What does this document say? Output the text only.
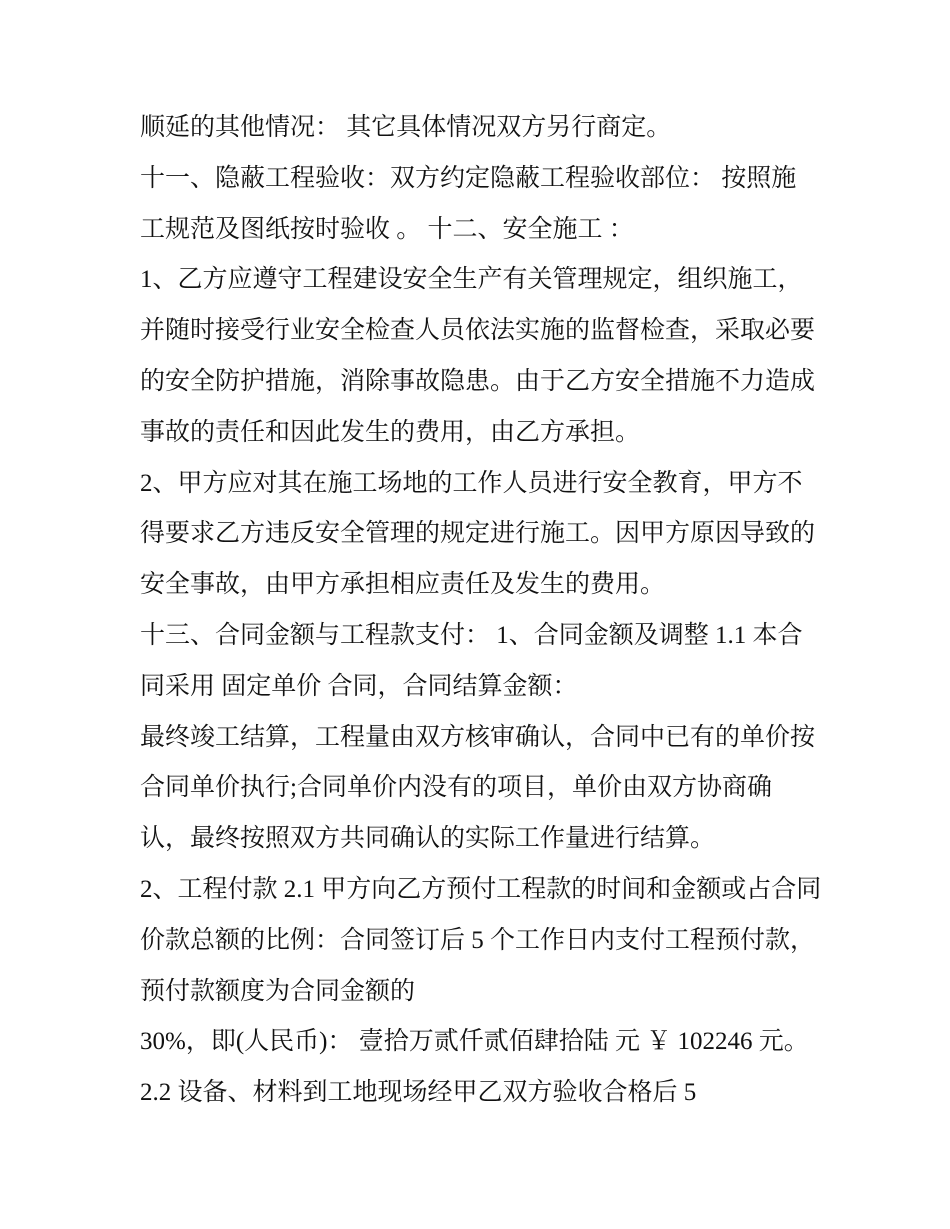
顺延的其他情况： 其它具体情况双方另行商定。
十一、隐蔽工程验收：双方约定隐蔽工程验收部位： 按照施
工规范及图纸按时验收 。 十二、安全施工 ：
1、乙方应遵守工程建设安全生产有关管理规定，组织施工，
并随时接受行业安全检查人员依法实施的监督检查，采取必要
的安全防护措施，消除事故隐患。由于乙方安全措施不力造成
事故的责任和因此发生的费用，由乙方承担。
2、甲方应对其在施工场地的工作人员进行安全教育，甲方不
得要求乙方违反安全管理的规定进行施工。因甲方原因导致的
安全事故，由甲方承担相应责任及发生的费用。
十三、合同金额与工程款支付： 1、合同金额及调整 1.1 本合
同采用 固定单价 合同，合同结算金额：
最终竣工结算，工程量由双方核审确认，合同中已有的单价按
合同单价执行;合同单价内没有的项目，单价由双方协商确
认，最终按照双方共同确认的实际工作量进行结算。
2、工程付款 2.1 甲方向乙方预付工程款的时间和金额或占合同
价款总额的比例：合同签订后 5 个工作日内支付工程预付款，
预付款额度为合同金额的
30%，即(人民币)： 壹拾万贰仟贰佰肆拾陆 元 ￥ 102246 元。
2.2 设备、材料到工地现场经甲乙双方验收合格后 5
